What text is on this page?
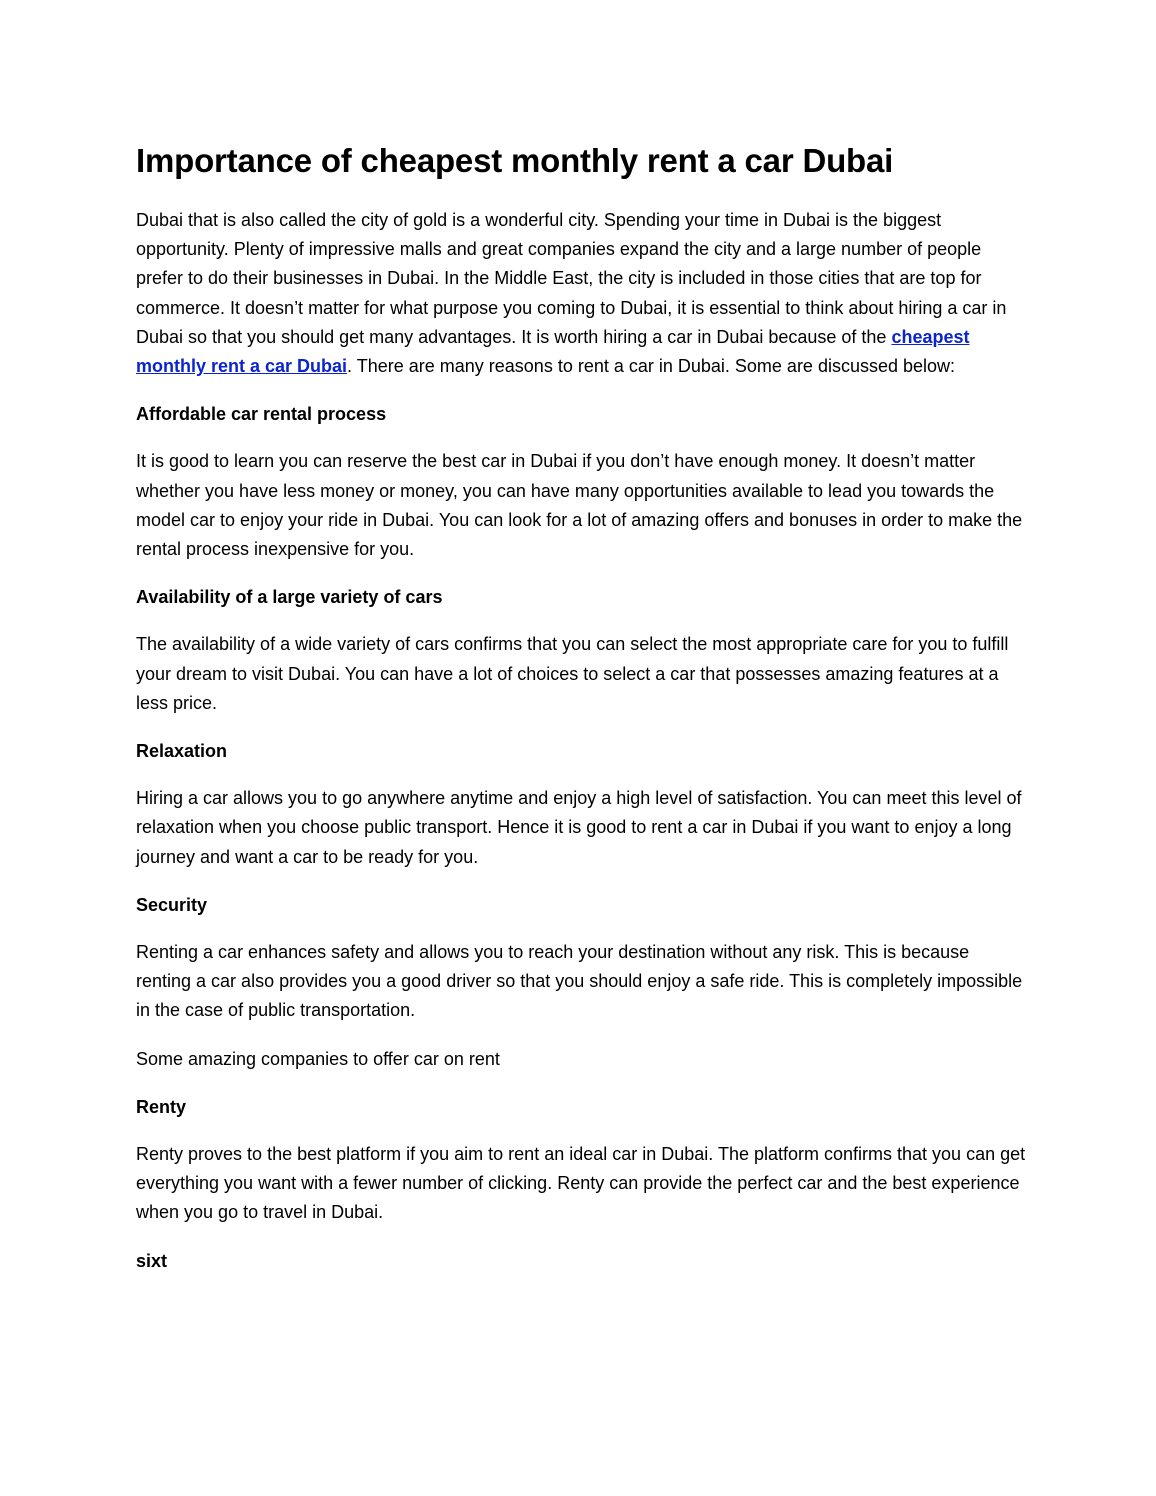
Importance of cheapest monthly rent a car Dubai

Dubai that is also called the city of gold is a wonderful city. Spending your time in Dubai is the biggest opportunity. Plenty of impressive malls and great companies expand the city and a large number of people prefer to do their businesses in Dubai. In the Middle East, the city is included in those cities that are top for commerce. It doesn’t matter for what purpose you coming to Dubai, it is essential to think about hiring a car in Dubai so that you should get many advantages. It is worth hiring a car in Dubai because of the cheapest monthly rent a car Dubai. There are many reasons to rent a car in Dubai. Some are discussed below:

Affordable car rental process

It is good to learn you can reserve the best car in Dubai if you don’t have enough money. It doesn’t matter whether you have less money or money, you can have many opportunities available to lead you towards the model car to enjoy your ride in Dubai. You can look for a lot of amazing offers and bonuses in order to make the rental process inexpensive for you.

Availability of a large variety of cars

The availability of a wide variety of cars confirms that you can select the most appropriate care for you to fulfill your dream to visit Dubai. You can have a lot of choices to select a car that possesses amazing features at a less price.

Relaxation

Hiring a car allows you to go anywhere anytime and enjoy a high level of satisfaction. You can meet this level of relaxation when you choose public transport. Hence it is good to rent a car in Dubai if you want to enjoy a long journey and want a car to be ready for you.

Security

Renting a car enhances safety and allows you to reach your destination without any risk. This is because renting a car also provides you a good driver so that you should enjoy a safe ride. This is completely impossible in the case of public transportation.

Some amazing companies to offer car on rent

Renty

Renty proves to the best platform if you aim to rent an ideal car in Dubai. The platform confirms that you can get everything you want with a fewer number of clicking. Renty can provide the perfect car and the best experience when you go to travel in Dubai.

sixt
